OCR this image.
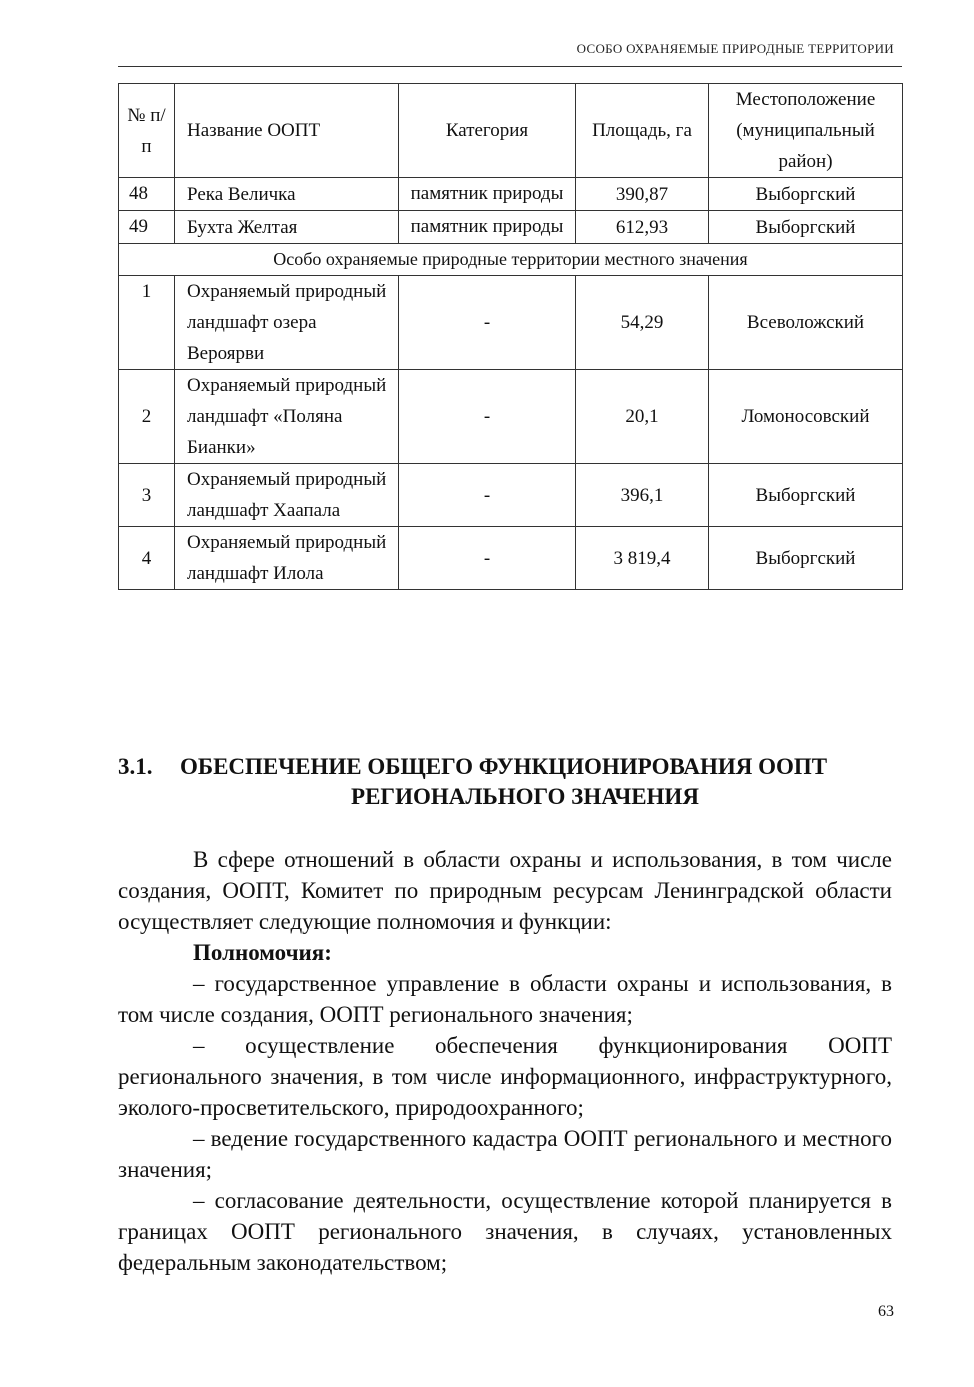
ОСОБО ОХРАНЯЕМЫЕ ПРИРОДНЫЕ ТЕРРИТОРИИ
№ п/п	Название ООПТ	Категория	Площадь, га	Местоположение (муниципальный район)
48	Река Величка	памятник природы	390,87	Выборгский
49	Бухта Желтая	памятник природы	612,93	Выборгский
Особо охраняемые природные территории местного значения				
1	Охраняемый природный ландшафт озера Вероярви	-	54,29	Всеволожский
2	Охраняемый природный ландшафт «Поляна Бианки»	-	20,1	Ломоносовский
3	Охраняемый природный ландшафт Хаапала	-	396,1	Выборгский
4	Охраняемый природный ландшафт Илола	-	3 819,4	Выборгский
3.1.	ОБЕСПЕЧЕНИЕ ОБЩЕГО ФУНКЦИОНИРОВАНИЯ ООПТ
РЕГИОНАЛЬНОГО ЗНАЧЕНИЯ

В сфере отношений в области охраны и использования, в том числе создания, ООПТ, Комитет по природным ресурсам Ленинградской области осуществляет следующие полномочия и функции:

Полномочия:

– государственное управление в области охраны и использования, в том числе создания, ООПТ регионального значения;

– осуществление обеспечения функционирования ООПТ регионального значения, в том числе информационного, инфраструктурного, эколого-просветительского, природоохранного;

– ведение государственного кадастра ООПТ регионального и местного значения;

– согласование деятельности, осуществление которой планируется в границах ООПТ регионального значения, в случаях, установленных федеральным законодательством;

63
